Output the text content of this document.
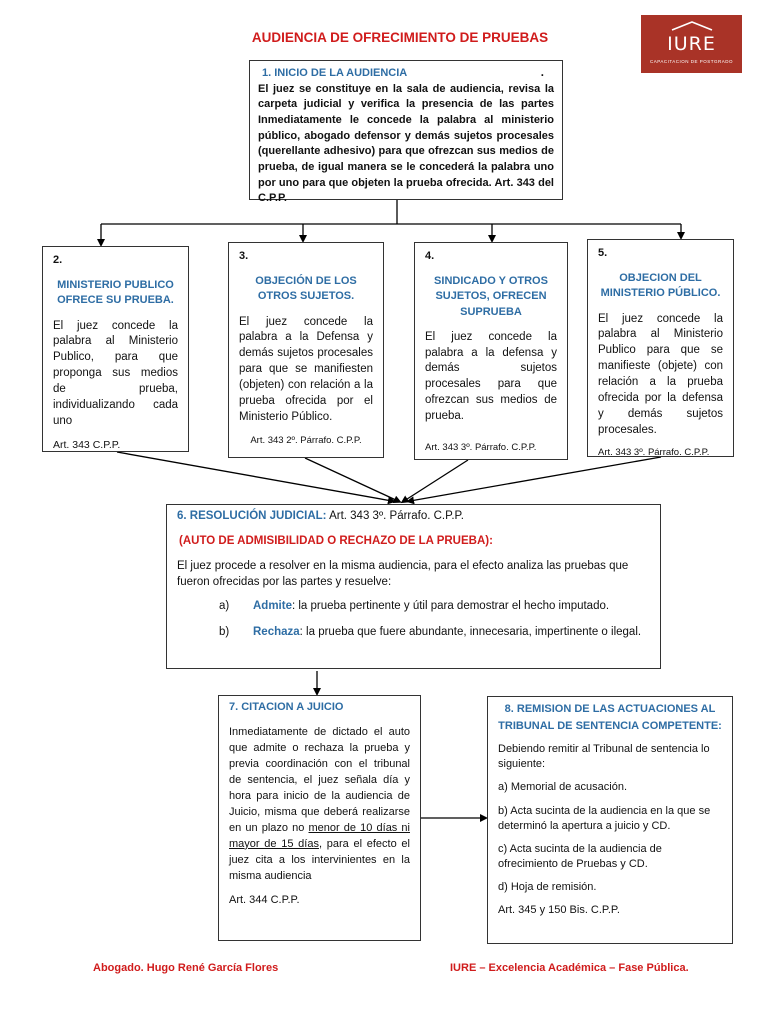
AUDIENCIA DE OFRECIMIENTO DE PRUEBAS	IURE
CAPACITACION DE POSTGRADO
1. INICIO DE LA AUDIENCIA	.
El juez se constituye en la sala de audiencia, revisa la carpeta judicial y verifica la presencia de las partes Inmediatamente le concede la palabra al ministerio público, abogado defensor y demás sujetos procesales (querellante adhesivo) para que ofrezcan sus medios de prueba, de igual manera se le concederá la palabra uno por uno para que objeten la prueba ofrecida. Art. 343 del C.P.P.
2.
MINISTERIO PUBLICO OFRECE SU PRUEBA.
El juez concede la palabra al Ministerio Publico, para que proponga sus medios de prueba, individualizando cada uno
Art. 343 C.P.P.
3.
OBJECIÓN DE LOS OTROS SUJETOS.
El juez concede la palabra a la Defensa y demás sujetos procesales para que se manifiesten (objeten) con relación a la prueba ofrecida por el Ministerio Público.
Art. 343 2º. Párrafo. C.P.P.
4.
SINDICADO Y OTROS SUJETOS, OFRECEN SUPRUEBA
El juez concede la palabra a la defensa y demás sujetos procesales para que ofrezcan sus medios de prueba.
Art. 343 3º. Párrafo. C.P.P.
5.
OBJECION DEL MINISTERIO PÚBLICO.
El juez concede la palabra al Ministerio Publico para que se manifieste (objete) con relación a la prueba ofrecida por la defensa y demás sujetos procesales.
Art. 343 3º. Párrafo. C.P.P.
6. RESOLUCIÓN JUDICIAL: Art. 343 3º. Párrafo. C.P.P.
(AUTO DE ADMISIBILIDAD O RECHAZO DE LA PRUEBA):
El juez procede a resolver en la misma audiencia, para el efecto analiza las pruebas que fueron ofrecidas por las partes y resuelve:
a)	Admite: la prueba pertinente y útil para demostrar el hecho imputado.
b)	Rechaza: la prueba que fuere abundante, innecesaria, impertinente o ilegal.
7. CITACION A JUICIO
Inmediatamente de dictado el auto que admite o rechaza la prueba y previa coordinación con el tribunal de sentencia, el juez señala día y hora para inicio de la audiencia de Juicio, misma que deberá realizarse en un plazo no menor de 10 días ni mayor de 15 días, para el efecto el juez cita a los intervinientes en la misma audiencia
Art. 344 C.P.P.
8. REMISION DE LAS ACTUACIONES AL TRIBUNAL DE SENTENCIA COMPETENTE:
Debiendo remitir al Tribunal de sentencia lo siguiente:
a) Memorial de acusación.
b) Acta sucinta de la audiencia en la que se determinó la apertura a juicio y CD.
c) Acta sucinta de la audiencia de ofrecimiento de Pruebas y CD.
d) Hoja de remisión.
Art. 345 y 150 Bis. C.P.P.
Abogado. Hugo René García Flores	IURE – Excelencia Académica – Fase Pública.
